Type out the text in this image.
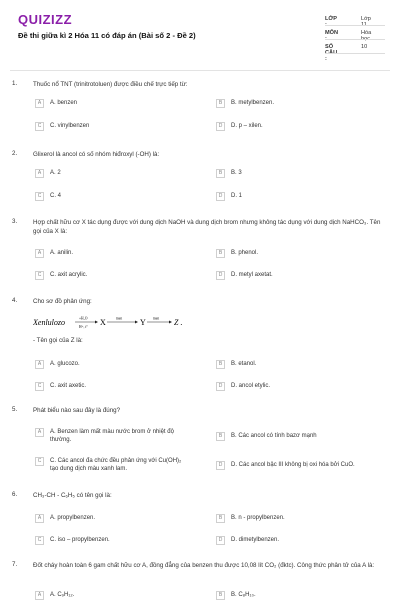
QUIZIZZ
Đề thi giữa kì 2 Hóa 11 có đáp án (Bài số 2 - Đề 2)
LỚP :
Lớp 11
MÔN :
Hóa học
SỐ CÂU :
10
1.	Thuốc nổ TNT (trinitrotoluen) được điều chế trực tiếp từ:
A	A. benzen	B	B. metylbenzen.
C	C. vinylbenzen	D	D. p – xilen.
2.	Glixerol là ancol có số nhóm hiđroxyl (-OH) là:
A	A. 2	B	B. 3
C	C. 4	D	D. 1
3.	Hợp chất hữu cơ X tác dụng được với dung dịch NaOH và dung dịch brom nhưng không tác dụng với dung dịch NaHCO₃. Tên gọi của X là:
A	A. anilin.	B	B. phenol.
C	C. axit acrylic.	D	D. metyl axetat.
4.	Cho sơ đồ phản ứng:
Xenlulozo	+H₂O
H⁺, t° X	men Y men Z .
- Tên gọi của Z là:
A	A. glucozo.	B	B. etanol.
C	C. axit axetic.	D	D. ancol etylic.
5.	Phát biểu nào sau đây là đúng?
A	A. Benzen làm mất màu nước brom ở nhiệt độ thường.
B	B. Các ancol có tính bazơ mạnh
C	C. Các ancol đa chức đều phản ứng với Cu(OH)₂ tạo dung dịch màu xanh lam.
D	D. Các ancol bậc III không bị oxi hóa bởi CuO.
6.	CH₃-CH - C₆H₅ có tên gọi là:
A	A. propylbenzen.	B	B. n - propylbenzen.
C	C. iso – propylbenzen.	D	D. dimetylbenzen.
7.	Đốt cháy hoàn toàn 6 gam chất hữu cơ A, đồng đẳng của benzen thu được 10,08 lít CO₂ (đktc). Công thức phân tử của A là:
A	A. C₉H₁₂.	B	B. C₈H₁₀.
